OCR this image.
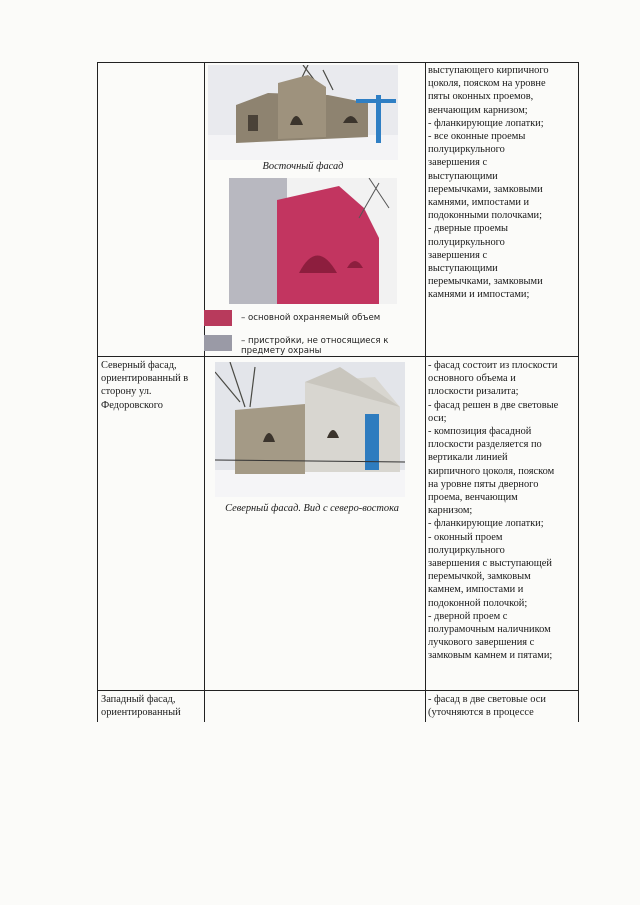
Восточный фасад
– основной охраняемый объем
– пристройки, не относящиеся к предмету охраны
выступающего кирпичного
цоколя, пояском на уровне
пяты оконных проемов,
венчающим карнизом;
- фланкирующие лопатки;
- все оконные проемы
полуциркульного
завершения с
выступающими
перемычками, замковыми
камнями, импостами и
подоконными полочками;
- дверные проемы
полуциркульного
завершения с
выступающими
перемычками, замковыми
камнями и импостами;
Северный фасад, ориентированный в сторону ул. Федоровского
Северный фасад. Вид с северо-востока
- фасад состоит из плоскости
основного объема и
плоскости ризалита;
- фасад решен в две световые
оси;
- композиция фасадной
плоскости разделяется по
вертикали линией
кирпичного цоколя, пояском
на уровне пяты дверного
проема, венчающим
карнизом;
- фланкирующие лопатки;
- оконный проем
полуциркульного
завершения с выступающей
перемычкой, замковым
камнем, импостами и
подоконной полочкой;
- дверной проем с
полурамочным наличником
лучкового завершения с
замковым камнем и пятами;
Западный фасад, ориентированный
- фасад в две световые оси
(уточняются в процессе
